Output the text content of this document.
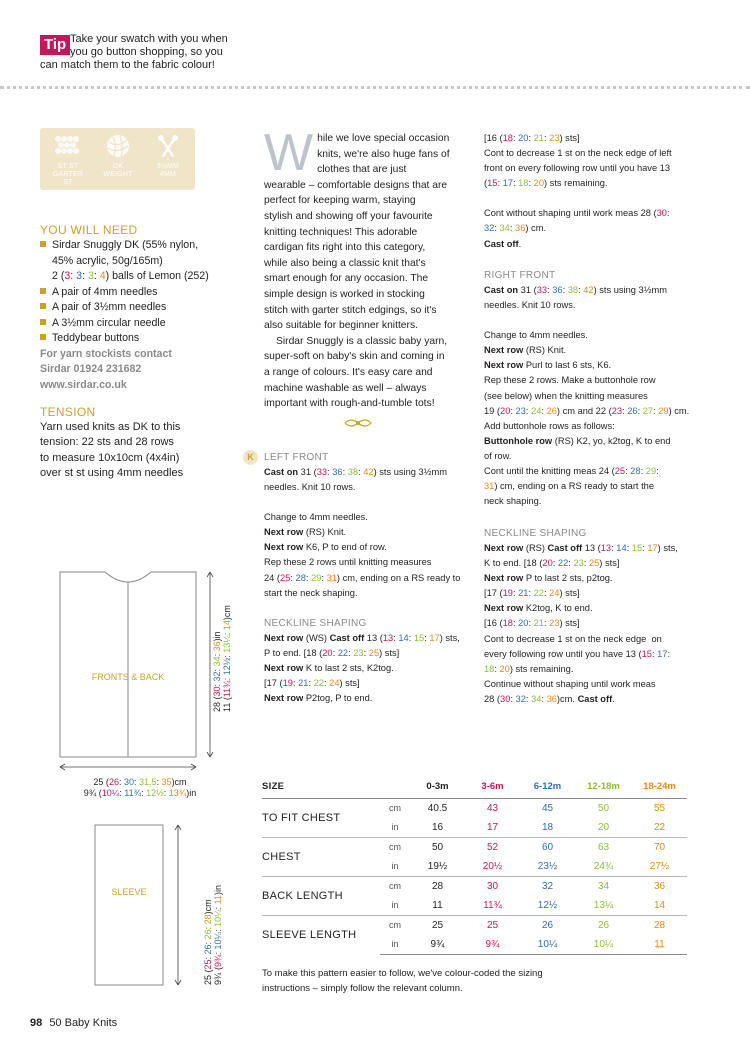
Tip Take your swatch with you when
you go button shopping, so you
can match them to the fabric colour!
ST ST
GARTER ST
DK
WEIGHT
3½MM
4MM
YOU WILL NEED
Sirdar Snuggly DK (55% nylon,
45% acrylic, 50g/165m)
2 (3: 3: 3: 4) balls of Lemon (252)
A pair of 4mm needles
A pair of 3½mm needles
A 3½mm circular needle
Teddybear buttons
For yarn stockists contact
Sirdar 01924 231682
www.sirdar.co.uk
TENSION
Yarn used knits as DK to this
tension: 22 sts and 28 rows
to measure 10x10cm (4x4in)
over st st using 4mm needles
W hile we love special occasion
knits, we're also huge fans of
clothes that are just
wearable – comfortable designs that are
perfect for keeping warm, staying
stylish and showing off your favourite
knitting techniques! This adorable
cardigan fits right into this category,
while also being a classic knit that's
smart enough for any occasion. The
simple design is worked in stocking
stitch with garter stitch edgings, so it's
also suitable for beginner knitters.
Sirdar Snuggly is a classic baby yarn,
super-soft on baby's skin and coming in
a range of colours. It's easy care and
machine washable as well – always
important with rough-and-tumble tots!
K	LEFT FRONT
Cast on 31 (33: 36: 38: 42) sts using 3½mm
needles. Knit 10 rows.
Change to 4mm needles.
Next row (RS) Knit.
Next row K6, P to end of row.
Rep these 2 rows until knitting measures
24 (25: 28: 29: 31) cm, ending on a RS ready to
start the neck shaping.
NECKLINE SHAPING
Next row (WS) Cast off 13 (13: 14: 15: 17) sts,
P to end. [18 (20: 22: 23: 25) sts]
Next row K to last 2 sts, K2tog.
[17 (19: 21: 22: 24) sts]
Next row P2tog, P to end.
[16 (18: 20: 21: 23) sts]
Cont to decrease 1 st on the neck edge of left
front on every following row until you have 13
(15: 17: 18: 20) sts remaining.
Cont without shaping until work meas 28 (30:
32: 34: 36) cm.
Cast off.
RIGHT FRONT
Cast on 31 (33: 36: 38: 42) sts using 3½mm
needles. Knit 10 rows.
Change to 4mm needles.
Next row (RS) Knit.
Next row Purl to last 6 sts, K6.
Rep these 2 rows. Make a buttonhole row
(see below) when the knitting measures
19 (20: 23: 24: 26) cm and 22 (23: 26: 27: 29) cm.
Add buttonhole rows as follows:
Buttonhole row (RS) K2, yo, k2tog, K to end
of row.
Cont until the knitting meas 24 (25: 28: 29:
31) cm, ending on a RS ready to start the
neck shaping.
NECKLINE SHAPING
Next row (RS) Cast off 13 (13: 14: 15: 17) sts,
K to end. [18 (20: 22: 23: 25) sts]
Next row P to last 2 sts, p2tog.
[17 (19: 21: 22: 24) sts]
Next row K2tog, K to end.
[16 (18: 20: 21: 23) sts]
Cont to decrease 1 st on the neck edge  on
every following row until you have 13 (15: 17:
18: 20) sts remaining.
Continue without shaping until work meas
28 (30: 32: 34: 36)cm. Cast off.
FRONTS & BACK
25 (26: 30: 31.5: 35)cm
9¾ (10¼: 11¾: 12½: 13¾)in
28 (30: 32: 34: 36)in
11 (11¾: 12½: 13¼: 14)cm
SLEEVE
25 (25: 26: 26: 28)cm
9¾ (9¾: 10¼: 10¼: 11)in
SIZE		0-3m	3-6m	6-12m	12-18m	18-24m
TO FIT CHEST	cm	40.5	43	45	50	55
	in	16	17	18	20	22
CHEST	cm	50	52	60	63	70
	in	19½	20½	23½	24¾	27½
BACK LENGTH	cm	28	30	32	34	36
	in	11	11¾	12½	13¼	14
SLEEVE LENGTH	cm	25	25	26	26	28
	in	9¾	9¾	10¼	10¼	11
To make this pattern easier to follow, we've colour-coded the sizing
instructions – simply follow the relevant column.
98 50 Baby Knits
